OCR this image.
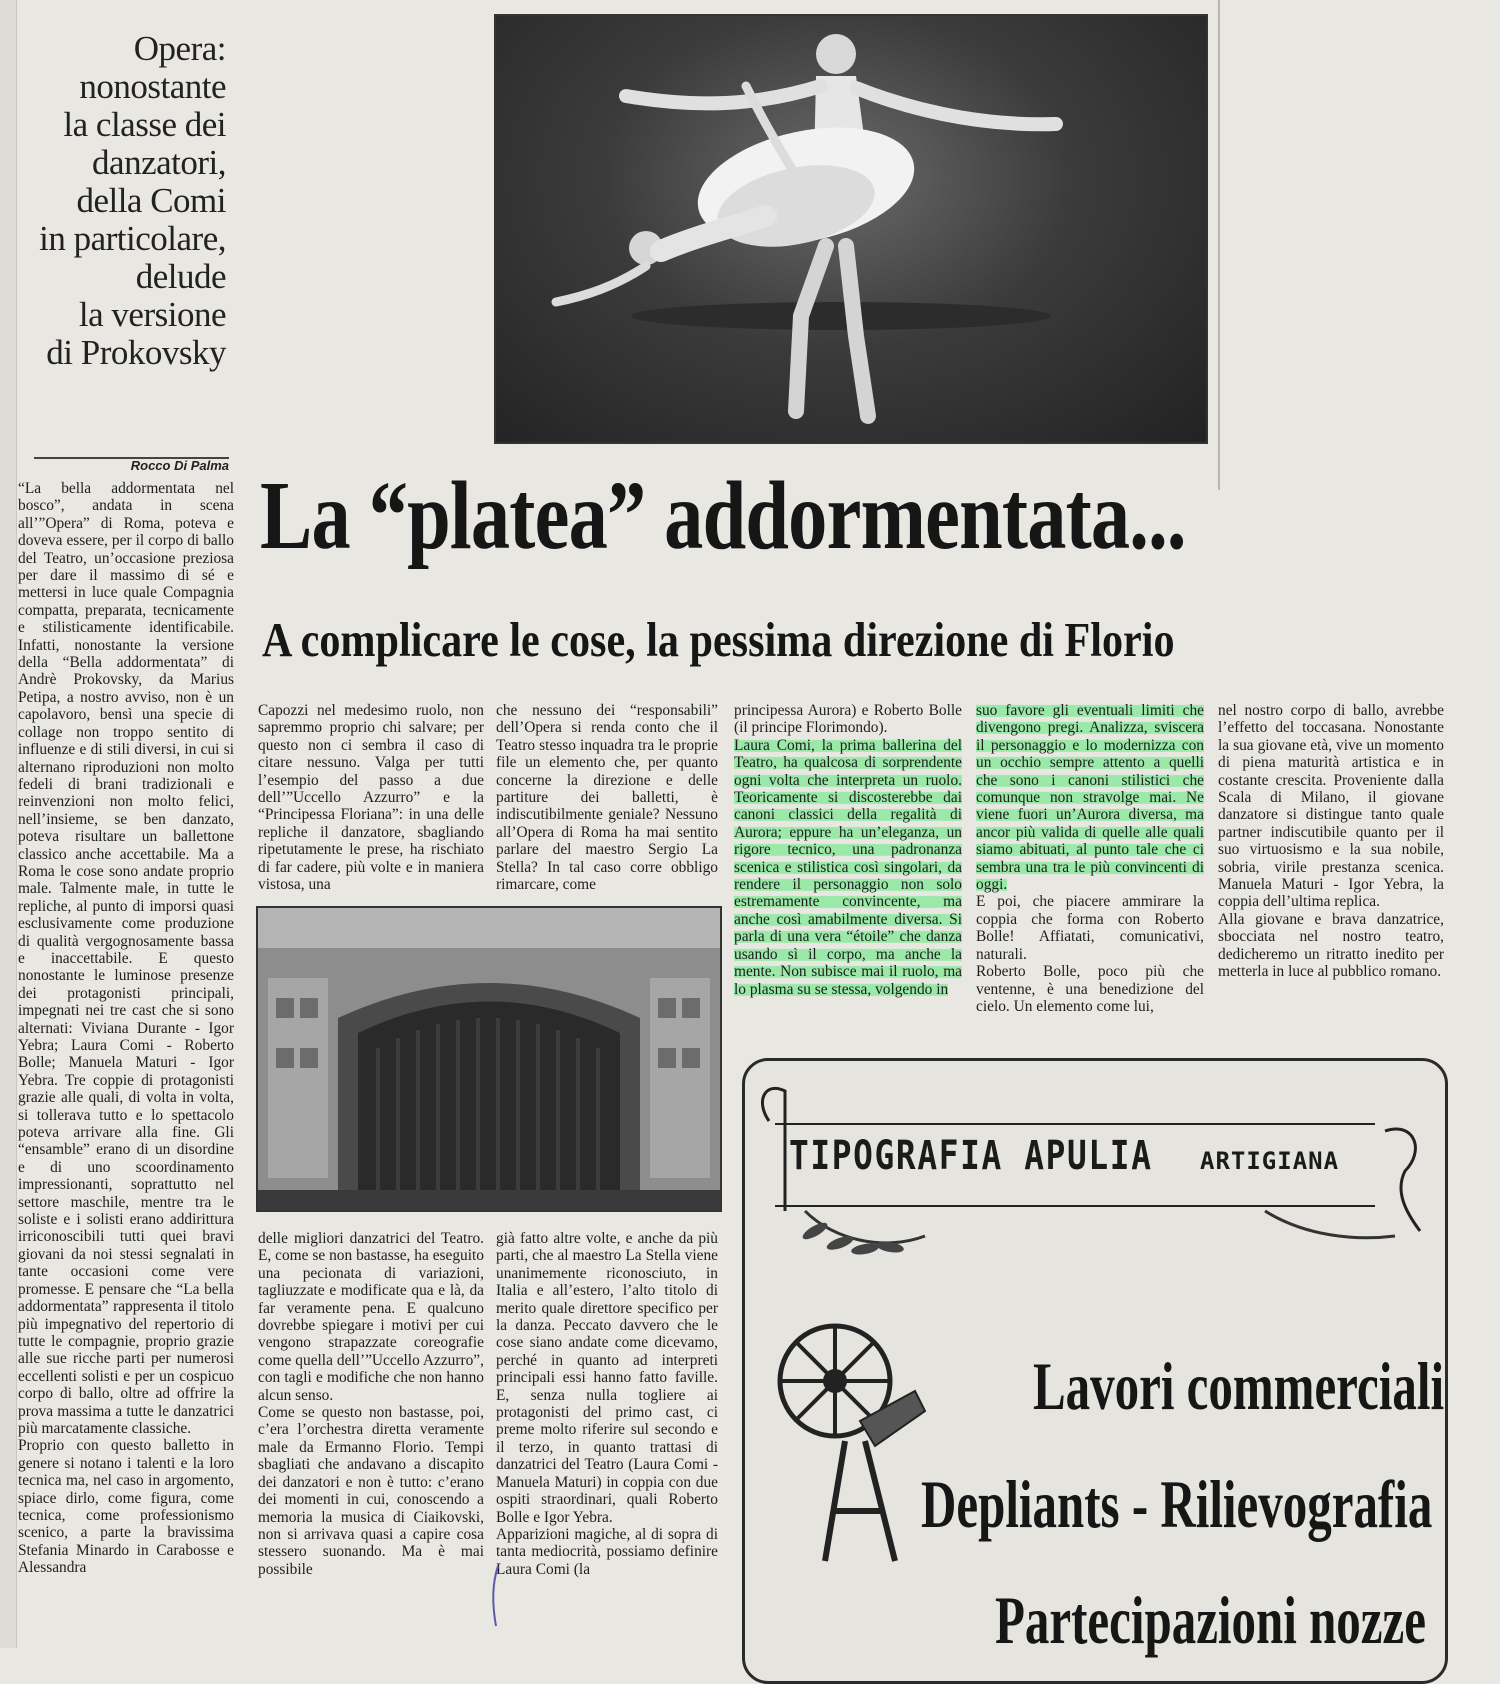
Opera:
nonostante
la classe dei
danzatori,
della Comi
in particolare,
delude
la versione
di Prokovsky
Rocco Di Palma La “platea” addormentata...
A complicare le cose, la pessima direzione di Florio

“La bella addormentata nel bosco”, andata in scena all’”Opera” di Roma, poteva e doveva essere, per il corpo di ballo del Teatro, un’occasione preziosa per dare il massimo di sé e mettersi in luce quale Compagnia compatta, preparata, tecnicamente e stilisticamente identificabile. Infatti, nonostante la versione della “Bella addormentata” di Andrè Prokovsky, da Marius Petipa, a nostro avviso, non è un capolavoro, bensì una specie di collage non troppo sentito di influenze e di stili diversi, in cui si alternano riproduzioni non molto fedeli di brani tradizionali e reinvenzioni non molto felici, nell’insieme, se ben danzato, poteva risultare un ballettone classico anche accettabile. Ma a Roma le cose sono andate proprio male. Talmente male, in tutte le repliche, al punto di imporsi quasi esclusivamente come produzione di qualità vergognosamente bassa e inaccettabile. E questo nonostante le luminose presenze dei protagonisti principali, impegnati nei tre cast che si sono alternati: Viviana Durante - Igor Yebra; Laura Comi - Roberto Bolle; Manuela Maturi - Igor Yebra. Tre coppie di protagonisti grazie alle quali, di volta in volta, si tollerava tutto e lo spettacolo poteva arrivare alla fine. Gli “ensamble” erano di un disordine e di uno scoordinamento impressionanti, soprattutto nel settore maschile, mentre tra le soliste e i solisti erano addirittura irriconoscibili tutti quei bravi giovani da noi stessi segnalati in tante occasioni come vere promesse. E pensare che “La bella addormentata” rappresenta il titolo più impegnativo del repertorio di tutte le compagnie, proprio grazie alle sue ricche parti per numerosi eccellenti solisti e per un cospicuo corpo di ballo, oltre ad offrire la prova massima a tutte le danzatrici più marcatamente classiche.

Proprio con questo balletto in genere si notano i talenti e la loro tecnica ma, nel caso in argomento, spiace dirlo, come figura, come tecnica, come professionismo scenico, a parte la bravissima Stefania Minardo in Carabosse e Alessandra

Capozzi nel medesimo ruolo, non sapremmo proprio chi salvare; per questo non ci sembra il caso di citare nessuno. Valga per tutti l’esempio del passo a due dell’”Uccello Azzurro” e la “Principessa Floriana”: in una delle repliche il danzatore, sbagliando ripetutamente le prese, ha rischiato di far cadere, più volte e in maniera vistosa, una

che nessuno dei “responsabili” dell’Opera si renda conto che il Teatro stesso inquadra tra le proprie file un elemento che, per quanto concerne la direzione e delle partiture dei balletti, è indiscutibilmente geniale? Nessuno all’Opera di Roma ha mai sentito parlare del maestro Sergio La Stella? In tal caso corre obbligo rimarcare, come

delle migliori danzatrici del Teatro. E, come se non bastasse, ha eseguito una pecionata di variazioni, tagliuzzate e modificate qua e là, da far veramente pena. E qualcuno dovrebbe spiegare i motivi per cui vengono strapazzate coreografie come quella dell’”Uccello Azzurro”, con tagli e modifiche che non hanno alcun senso.

Come se questo non bastasse, poi, c’era l’orchestra diretta veramente male da Ermanno Florio. Tempi sbagliati che andavano a discapito dei danzatori e non è tutto: c’erano dei momenti in cui, conoscendo a memoria la musica di Ciaikovski, non si arrivava quasi a capire cosa stessero suonando. Ma è mai possibile

già fatto altre volte, e anche da più parti, che al maestro La Stella viene unanimemente riconosciuto, in Italia e all’estero, l’alto titolo di merito quale direttore specifico per la danza. Peccato davvero che le cose siano andate come dicevamo, perché in quanto ad interpreti principali essi hanno fatto faville. E, senza nulla togliere ai protagonisti del primo cast, ci preme molto riferire sul secondo e il terzo, in quanto trattasi di danzatrici del Teatro (Laura Comi - Manuela Maturi) in coppia con due ospiti straordinari, quali Roberto Bolle e Igor Yebra.

Apparizioni magiche, al di sopra di tanta mediocrità, possiamo definire Laura Comi (la

principessa Aurora) e Roberto Bolle (il principe Florimondo).

Laura Comi, la prima ballerina del Teatro, ha qualcosa di sorprendente ogni volta che interpreta un ruolo. Teoricamente si discosterebbe dai canoni classici della regalità di Aurora; eppure ha un’eleganza, un rigore tecnico, una padronanza scenica e stilistica così singolari, da rendere il personaggio non solo estremamente convincente, ma anche così amabilmente diversa. Si parla di una vera “étoile” che danza usando sì il corpo, ma anche la mente. Non subisce mai il ruolo, ma lo plasma su se stessa, volgendo in

suo favore gli eventuali limiti che divengono pregi. Analizza, sviscera il personaggio e lo modernizza con un occhio sempre attento a quelli che sono i canoni stilistici che comunque non stravolge mai. Ne viene fuori un’Aurora diversa, ma ancor più valida di quelle alle quali siamo abituati, al punto tale che ci sembra una tra le più convincenti di oggi.

E poi, che piacere ammirare la coppia che forma con Roberto Bolle! Affiatati, comunicativi, naturali.

Roberto Bolle, poco più che ventenne, è una benedizione del cielo. Un elemento come lui,

nel nostro corpo di ballo, avrebbe l’effetto del toccasana. Nonostante la sua giovane età, vive un momento di piena maturità artistica e in costante crescita. Proveniente dalla Scala di Milano, il giovane danzatore si distingue tanto quale partner indiscutibile quanto per il suo virtuosismo e la sua nobile, sobria, virile prestanza scenica. Manuela Maturi - Igor Yebra, la coppia dell’ultima replica.

Alla giovane e brava danzatrice, sbocciata nel nostro teatro, dedicheremo un ritratto inedito per metterla in luce al pubblico romano.

TIPOGRAFIA APULIA ARTIGIANA
Lavori commerciali
Depliants - Rilievografia
Partecipazioni nozze
